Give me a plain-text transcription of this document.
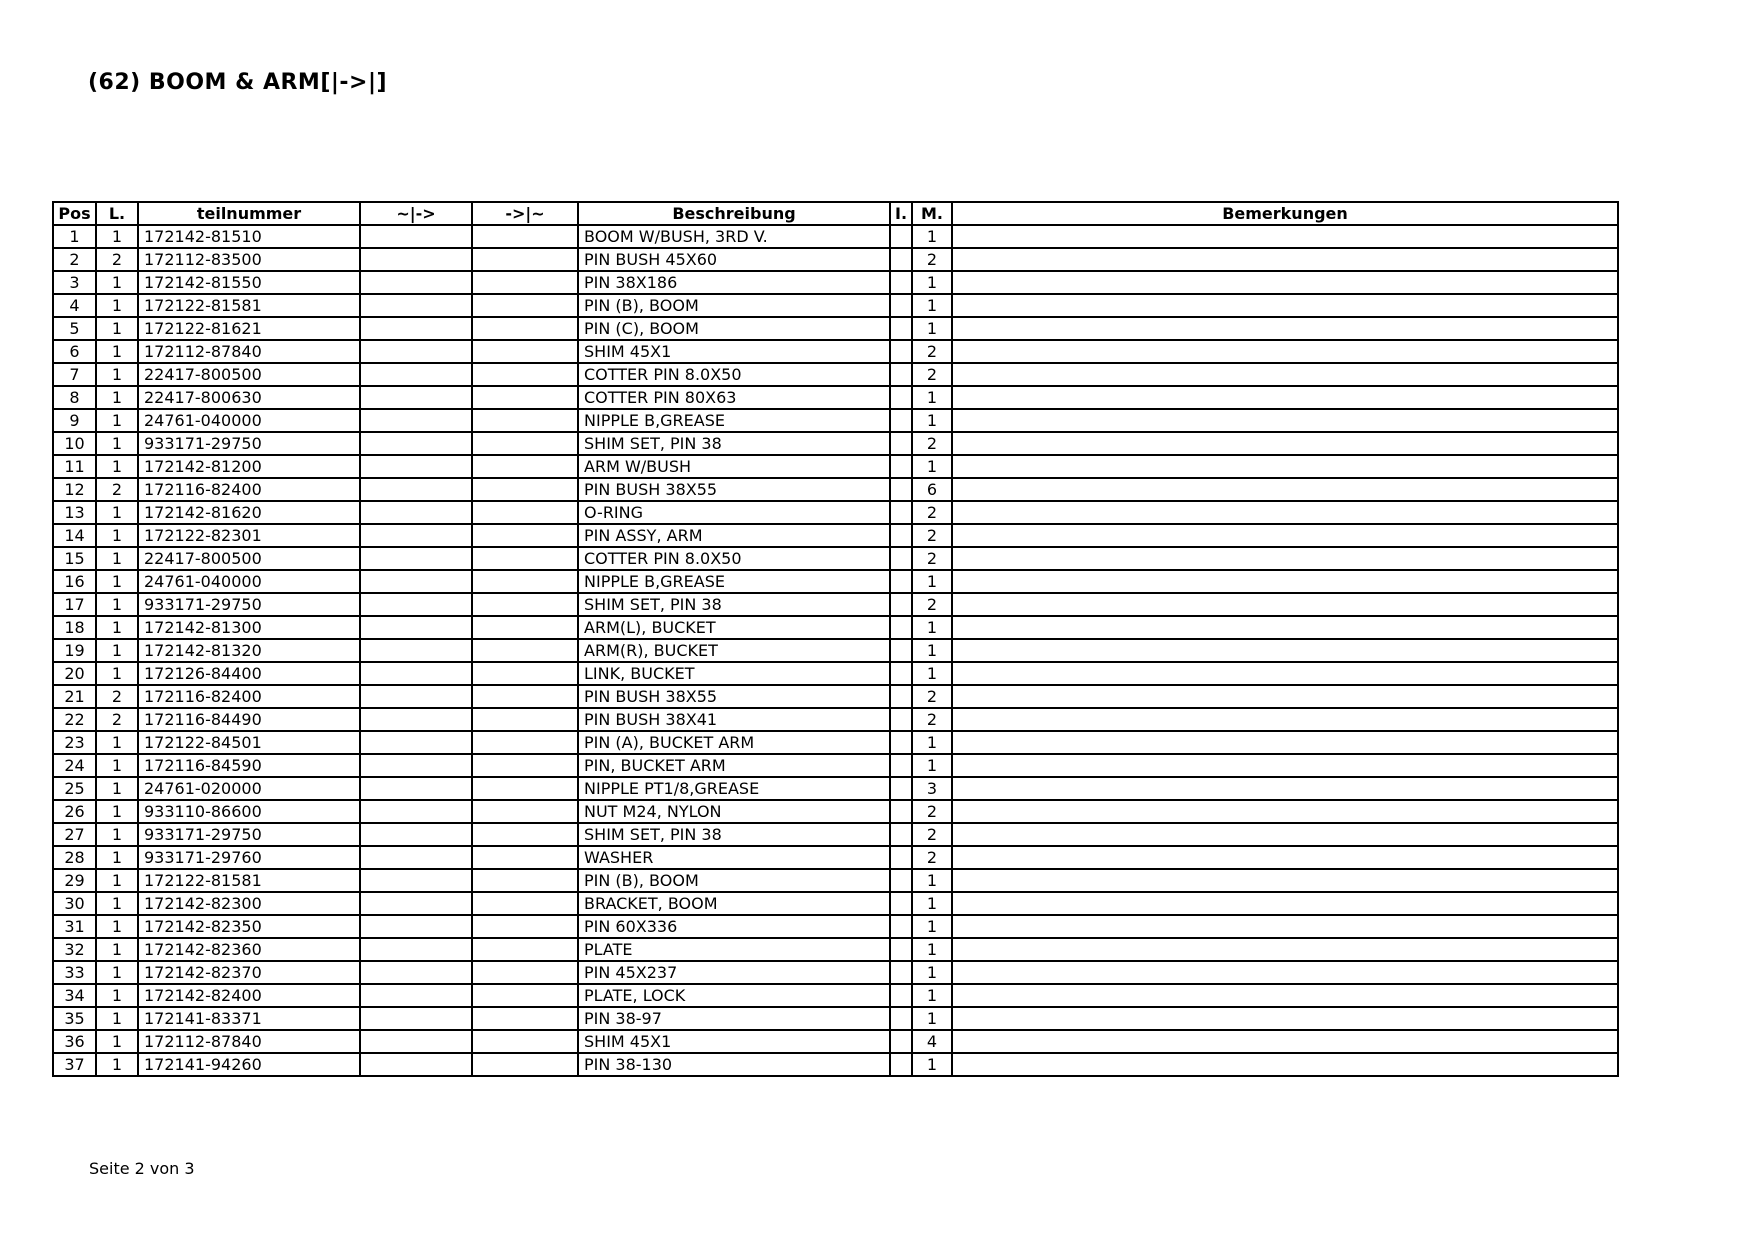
(62) BOOM & ARM[|->|]
Pos	L.	teilnummer	~|->	->|~	Beschreibung	I.	M.	Bemerkungen
1	1	172142-81510			BOOM W/BUSH, 3RD V.		1	
2	2	172112-83500			PIN BUSH 45X60		2	
3	1	172142-81550			PIN 38X186		1	
4	1	172122-81581			PIN (B), BOOM		1	
5	1	172122-81621			PIN (C), BOOM		1	
6	1	172112-87840			SHIM 45X1		2	
7	1	22417-800500			COTTER PIN 8.0X50		2	
8	1	22417-800630			COTTER PIN 80X63		1	
9	1	24761-040000			NIPPLE B,GREASE		1	
10	1	933171-29750			SHIM SET, PIN 38		2	
11	1	172142-81200			ARM W/BUSH		1	
12	2	172116-82400			PIN BUSH 38X55		6	
13	1	172142-81620			O-RING		2	
14	1	172122-82301			PIN ASSY, ARM		2	
15	1	22417-800500			COTTER PIN 8.0X50		2	
16	1	24761-040000			NIPPLE B,GREASE		1	
17	1	933171-29750			SHIM SET, PIN 38		2	
18	1	172142-81300			ARM(L), BUCKET		1	
19	1	172142-81320			ARM(R), BUCKET		1	
20	1	172126-84400			LINK, BUCKET		1	
21	2	172116-82400			PIN BUSH 38X55		2	
22	2	172116-84490			PIN BUSH 38X41		2	
23	1	172122-84501			PIN (A), BUCKET ARM		1	
24	1	172116-84590			PIN, BUCKET ARM		1	
25	1	24761-020000			NIPPLE PT1/8,GREASE		3	
26	1	933110-86600			NUT M24, NYLON		2	
27	1	933171-29750			SHIM SET, PIN 38		2	
28	1	933171-29760			WASHER		2	
29	1	172122-81581			PIN (B), BOOM		1	
30	1	172142-82300			BRACKET, BOOM		1	
31	1	172142-82350			PIN 60X336		1	
32	1	172142-82360			PLATE		1	
33	1	172142-82370			PIN 45X237		1	
34	1	172142-82400			PLATE, LOCK		1	
35	1	172141-83371			PIN 38-97		1	
36	1	172112-87840			SHIM 45X1		4	
37	1	172141-94260			PIN 38-130		1	
Seite 2 von 3
